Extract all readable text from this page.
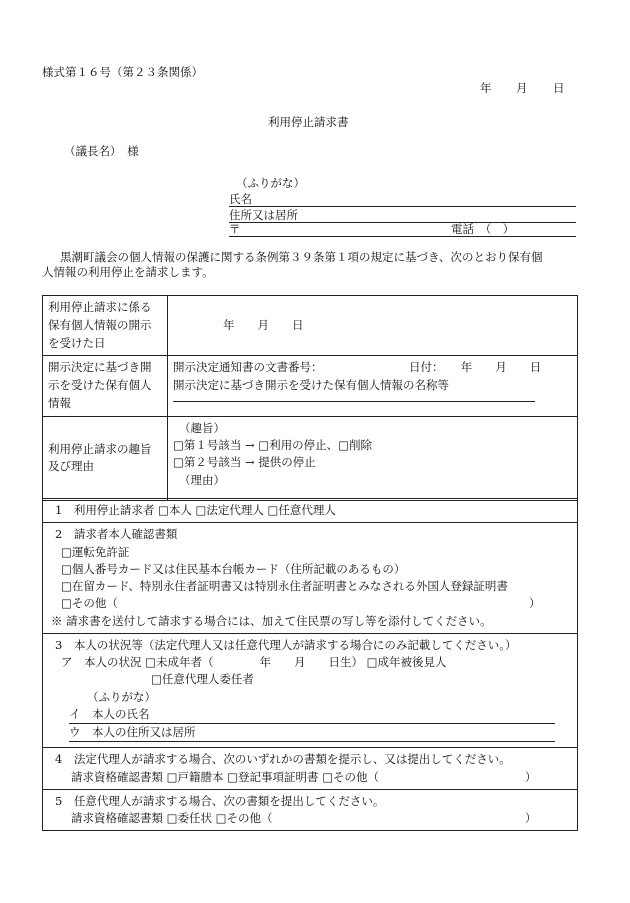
様式第１６号（第２３条関係）
年 月 日
利用停止請求書
（議長名）　様
（ふりがな）
氏名
住所又は居所
〒	電話　（　）
黒潮町議会の個人情報の保護に関する条例第３９条第１項の規定に基づき、次のとおり保有個
人情報の利用停止を請求します。
利用停止請求に係る
保有個人情報の開示
を受けた日	年　　月　　日

開示決定に基づき開
示を受けた保有個人
情報	開示決定通知書の文書番号： 日付：　　年　　月　　日
開示決定に基づき開示を受けた保有個人情報の名称等

利用停止請求の趣旨
及び理由	（趣旨）
□第１号該当 → □利用の停止、□削除
□第２号該当 → 提供の停止
（理由）
1　利用停止請求者 □本人 □法定代理人 □任意代理人

2　請求者本人確認書類
□運転免許証
□個人番号カード又は住民基本台帳カード（住所記載のあるもの）
□在留カード、特別永住者証明書又は特別永住者証明書とみなされる外国人登録証明書
□その他（	）
※ 請求書を送付して請求する場合には、加えて住民票の写し等を添付してください。

3　本人の状況等（法定代理人又は任意代理人が請求する場合にのみ記載してください。）
ア　本人の状況 □未成年者（　　　　年　　月　　日生） □成年被後見人
□任意代理人委任者
（ふりがな）
イ　本人の氏名
ウ　本人の住所又は居所

4　法定代理人が請求する場合、次のいずれかの書類を提示し、又は提出してください。
請求資格確認書類 □戸籍謄本 □登記事項証明書 □その他（	）

5　任意代理人が請求する場合、次の書類を提出してください。
請求資格確認書類 □委任状 □その他（	）
